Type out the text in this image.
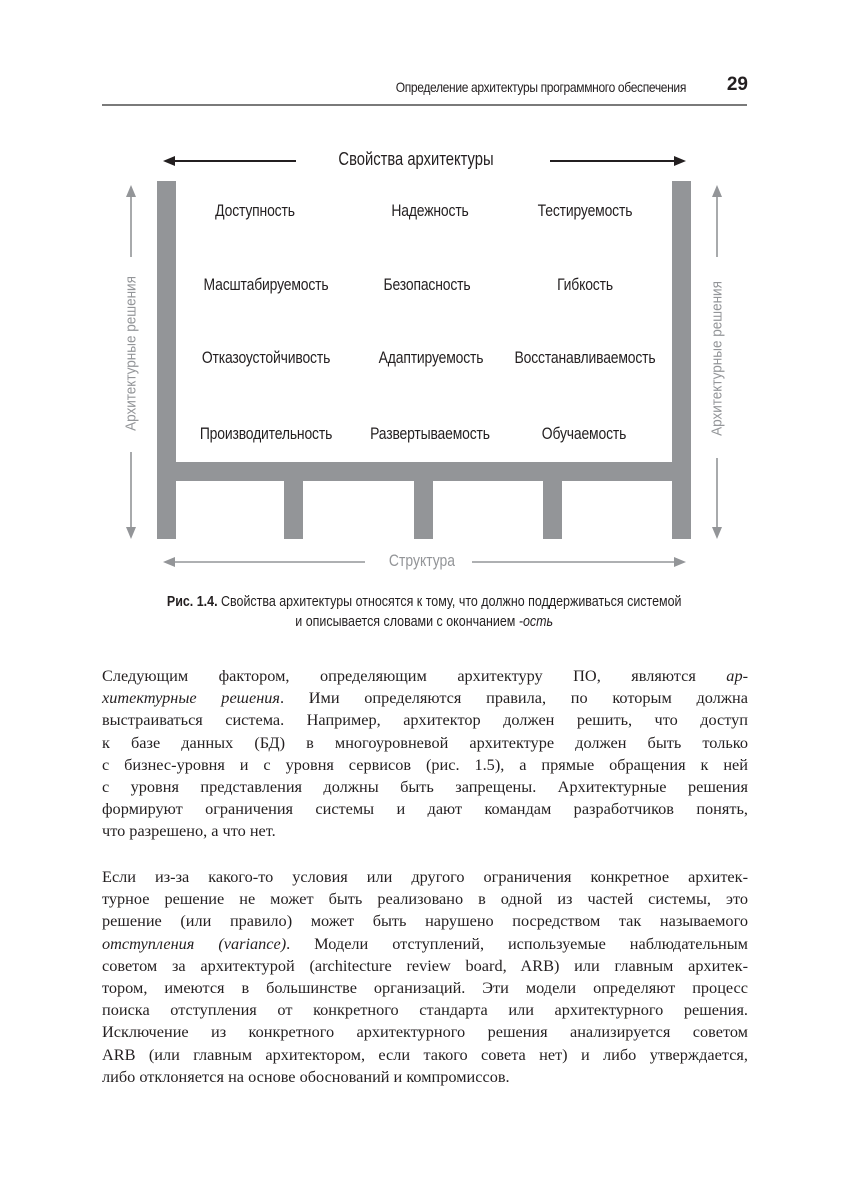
Определение архитектуры программного обеспечения	29
Свойства архитектуры
Структура
Архитектурные решения	Архитектурные решения
Доступность	Надежность	Тестируемость
Масштабируемость	Безопасность	Гибкость
Отказоустойчивость	Адаптируемость	Восстанавливаемость
Производительность	Развертываемость	Обучаемость
Рис. 1.4. Свойства архитектуры относятся к тому, что должно поддерживаться системой
и описывается словами с окончанием -ость
Следующим фактором, определяющим архитектуру ПО, являются ар-
хитектурные решения. Ими определяются правила, по которым должна
выстраиваться система. Например, архитектор должен решить, что доступ
к базе данных (БД) в многоуровневой архитектуре должен быть только
с бизнес-уровня и с уровня сервисов (рис. 1.5), а прямые обращения к ней
с уровня представления должны быть запрещены. Архитектурные решения
формируют ограничения системы и дают командам разработчиков понять,
что разрешено, а что нет.
Если из-за какого-то условия или другого ограничения конкретное архитек-
турное решение не может быть реализовано в одной из частей системы, это
решение (или правило) может быть нарушено посредством так называемого
отступления (variance). Модели отступлений, используемые наблюдательным
советом за архитектурой (architecture review board, ARB) или главным архитек-
тором, имеются в большинстве организаций. Эти модели определяют процесс
поиска отступления от конкретного стандарта или архитектурного решения.
Исключение из конкретного архитектурного решения анализируется советом
ARB (или главным архитектором, если такого совета нет) и либо утверждается,
либо отклоняется на основе обоснований и компромиссов.
